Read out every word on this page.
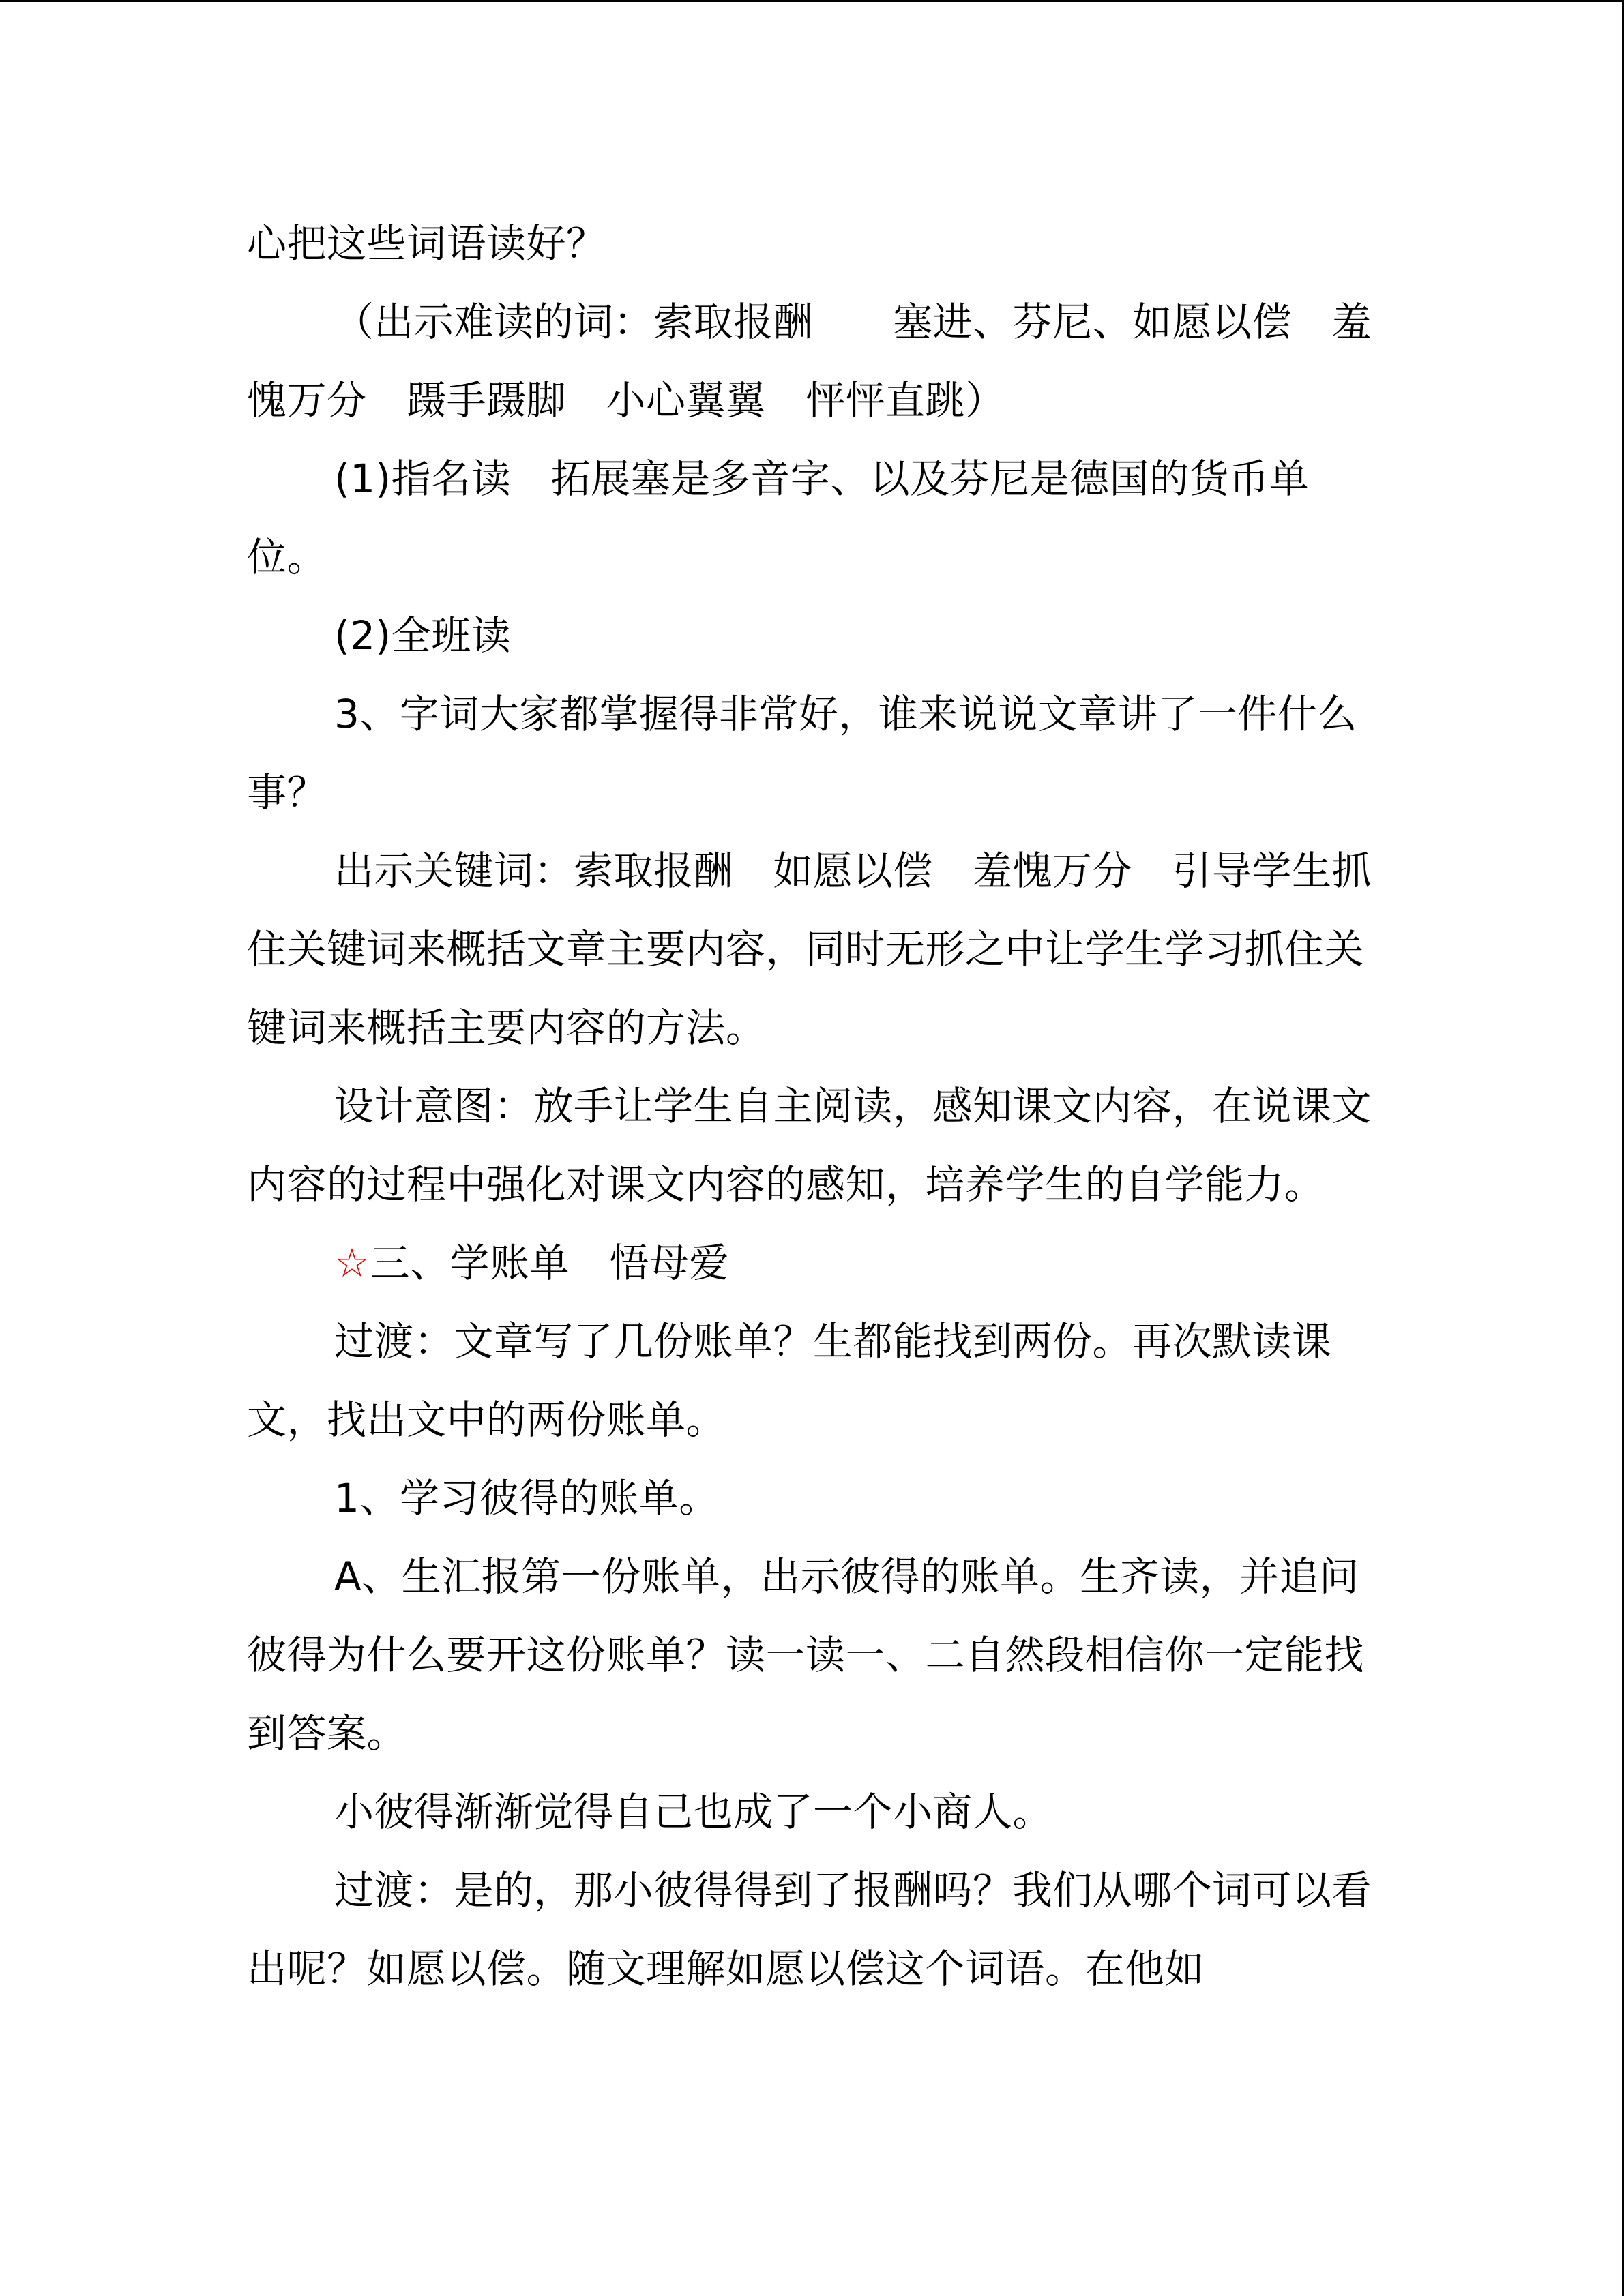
心把这些词语读好？

（出示难读的词：索取报酬　　塞进、芬尼、如愿以偿　羞愧万分　蹑手蹑脚　小心翼翼　怦怦直跳）

(1)指名读　拓展塞是多音字、以及芬尼是德国的货币单位。

(2)全班读

3、字词大家都掌握得非常好，谁来说说文章讲了一件什么事？

出示关键词：索取报酬　如愿以偿　羞愧万分　引导学生抓住关键词来概括文章主要内容，同时无形之中让学生学习抓住关键词来概括主要内容的方法。

设计意图：放手让学生自主阅读，感知课文内容，在说课文内容的过程中强化对课文内容的感知，培养学生的自学能力。

☆三、学账单　悟母爱

过渡：文章写了几份账单？生都能找到两份。再次默读课文，找出文中的两份账单。

1、学习彼得的账单。

A、生汇报第一份账单，出示彼得的账单。生齐读，并追问彼得为什么要开这份账单？读一读一、二自然段相信你一定能找到答案。

小彼得渐渐觉得自己也成了一个小商人。

过渡：是的，那小彼得得到了报酬吗？我们从哪个词可以看出呢？如愿以偿。随文理解如愿以偿这个词语。在他如
